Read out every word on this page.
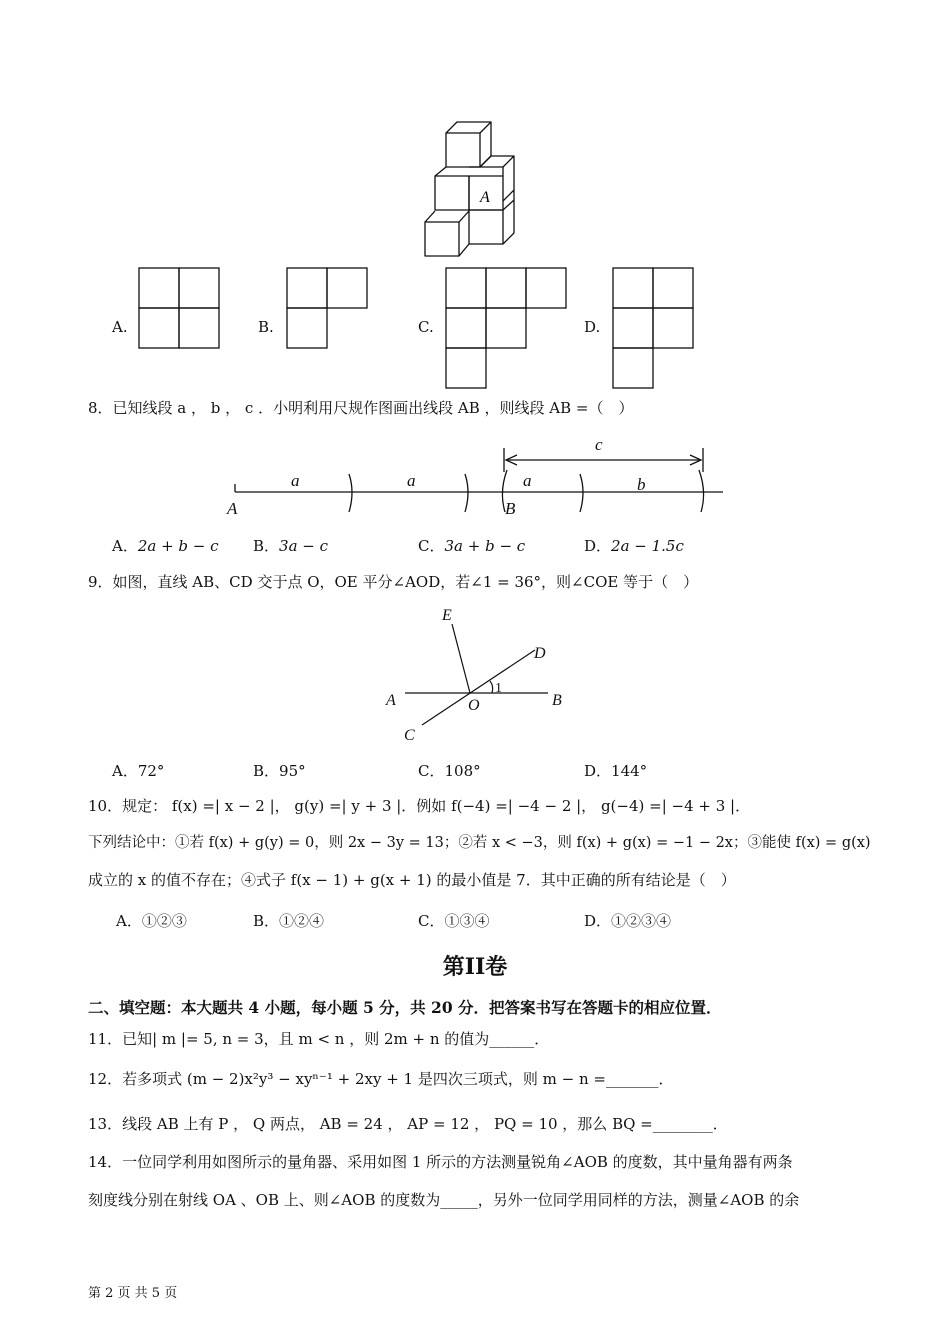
A
A.	B.	C.	D.
8．已知线段 a ， b ， c ．小明利用尺规作图画出线段 AB ，则线段 AB =（　）
a	a	a	b
c
A	B
A．2a + b − c B．3a − c	C．3a + b − c	D．2a − 1.5c
9．如图，直线 AB、CD 交于点 O，OE 平分∠AOD，若∠1 = 36°，则∠COE 等于（　）
E
D
A	B
O
C
1
A．72°	B．95°	C．108°	D．144°
10．规定： f(x) =| x − 2 |， g(y) =| y + 3 |．例如 f(−4) =| −4 − 2 |， g(−4) =| −4 + 3 |．
下列结论中：①若 f(x) + g(y) = 0，则 2x − 3y = 13；②若 x < −3，则 f(x) + g(x) = −1 − 2x；③能使 f(x) = g(x)
成立的 x 的值不存在；④式子 f(x − 1) + g(x + 1) 的最小值是 7．其中正确的所有结论是（　）
A．①②③	B．①②④	C．①③④	D．①②③④
第II卷
二、填空题：本大题共 4 小题，每小题 5 分，共 20 分．把答案书写在答题卡的相应位置．
11．已知| m |= 5, n = 3，且 m < n ，则 2m + n 的值为______．
12．若多项式 (m − 2)x²y³ − xyⁿ⁻¹ + 2xy + 1 是四次三项式，则 m − n =_______．
13．线段 AB 上有 P ， Q 两点， AB = 24 ， AP = 12 ， PQ = 10 ，那么 BQ =________．
14．一位同学利用如图所示的量角器、采用如图 1 所示的方法测量锐角∠AOB 的度数，其中量角器有两条
刻度线分别在射线 OA 、OB 上、则∠AOB 的度数为_____，另外一位同学用同样的方法，测量∠AOB 的余
第 2 页 共 5 页
